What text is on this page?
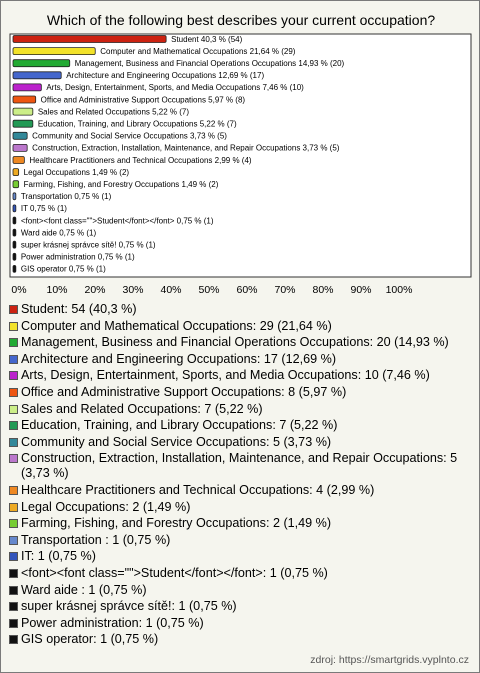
Which of the following best describes your current occupation?
0% 10% 20% 30% 40% 50% 60% 70% 80% 90% 100%
Student 40,3 % (54)
Computer and Mathematical Occupations 21,64 % (29)
Management, Business and Financial Operations Occupations 14,93 % (20)
Architecture and Engineering Occupations 12,69 % (17)
Arts, Design, Entertainment, Sports, and Media Occupations 7,46 % (10)
Office and Administrative Support Occupations 5,97 % (8)
Sales and Related Occupations 5,22 % (7)
Education, Training, and Library Occupations 5,22 % (7)
Community and Social Service Occupations 3,73 % (5)
Construction, Extraction, Installation, Maintenance, and Repair Occupations 3,73 % (5)
Healthcare Practitioners and Technical Occupations 2,99 % (4)
Legal Occupations 1,49 % (2)
Farming, Fishing, and Forestry Occupations 1,49 % (2)
Transportation 0,75 % (1)
IT 0,75 % (1)
<font><font class="">Student</font></font> 0,75 % (1)
Ward aide 0,75 % (1)
super krásnej správce sítě! 0,75 % (1)
Power administration 0,75 % (1)
GIS operator 0,75 % (1)
Student: 54 (40,3 %)
Computer and Mathematical Occupations: 29 (21,64 %)
Management, Business and Financial Operations Occupations: 20 (14,93 %)
Architecture and Engineering Occupations: 17 (12,69 %)
Arts, Design, Entertainment, Sports, and Media Occupations: 10 (7,46 %)
Office and Administrative Support Occupations: 8 (5,97 %)
Sales and Related Occupations: 7 (5,22 %)
Education, Training, and Library Occupations: 7 (5,22 %)
Community and Social Service Occupations: 5 (3,73 %)
Construction, Extraction, Installation, Maintenance, and Repair Occupations: 5 (3,73 %)
Healthcare Practitioners and Technical Occupations: 4 (2,99 %)
Legal Occupations: 2 (1,49 %)
Farming, Fishing, and Forestry Occupations: 2 (1,49 %)
Transportation : 1 (0,75 %)
IT: 1 (0,75 %)
<font><font class="">Student</font></font>: 1 (0,75 %)
Ward aide : 1 (0,75 %)
super krásnej správce sítě!: 1 (0,75 %)
Power administration: 1 (0,75 %)
GIS operator: 1 (0,75 %)
zdroj: https://smartgrids.vyplnto.cz
